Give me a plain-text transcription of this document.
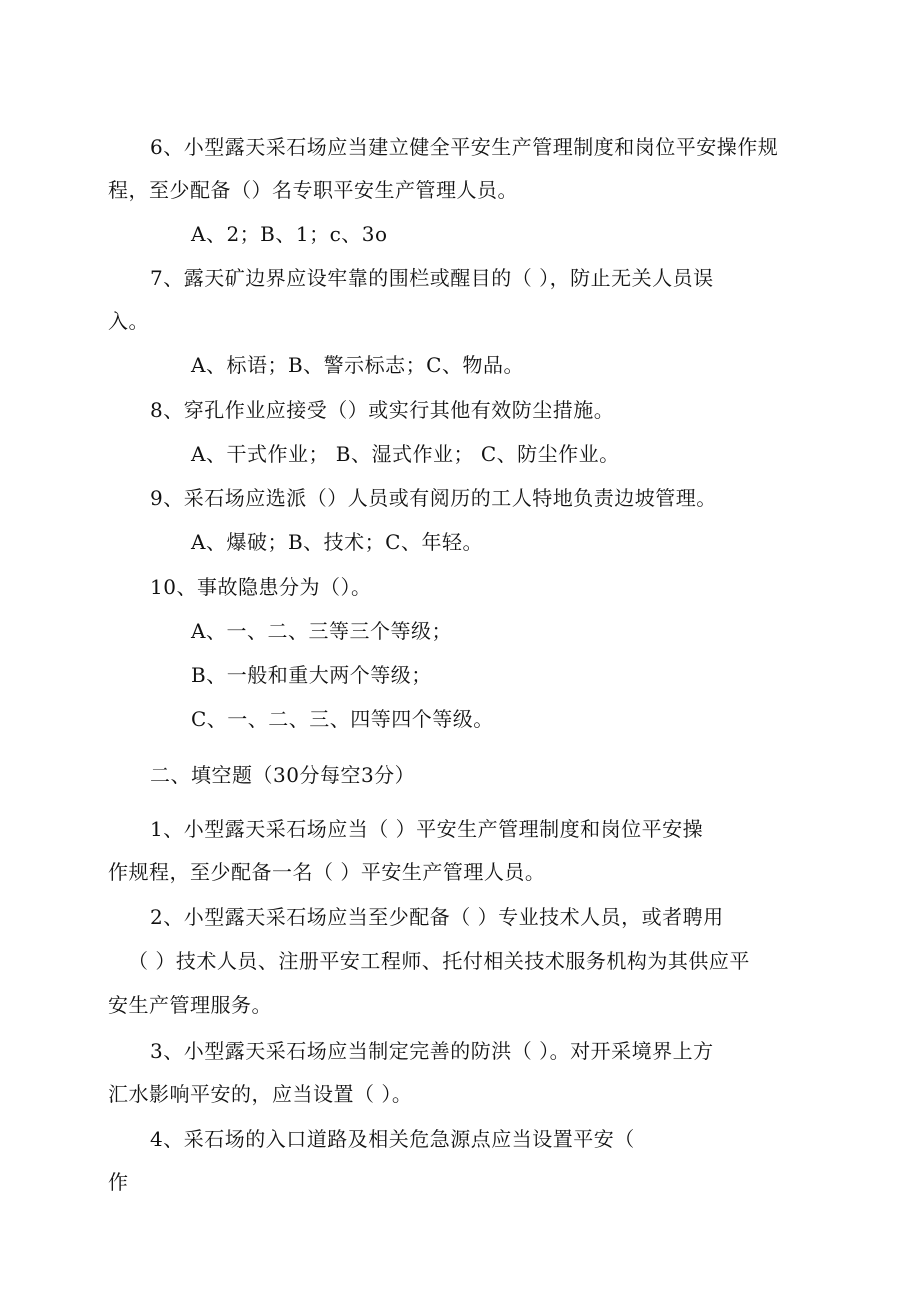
6、小型露天采石场应当建立健全平安生产管理制度和岗位平安操作规
程，至少配备（）名专职平安生产管理人员。
A、2；B、1；c、3o
7、露天矿边界应设牢靠的围栏或醒目的（ ），防止无关人员误
入。
A、标语；B、警示标志；C、物品。
8、穿孔作业应接受（）或实行其他有效防尘措施。
A、干式作业； B、湿式作业； C、防尘作业。
9、采石场应选派（）人员或有阅历的工人特地负责边坡管理。
A、爆破；B、技术；C、年轻。
10、事故隐患分为（）。
A、一、二、三等三个等级；
B、一般和重大两个等级；
C、一、二、三、四等四个等级。
二、填空题（30分每空3分）
1、小型露天采石场应当（ ）平安生产管理制度和岗位平安操
作规程，至少配备一名（ ）平安生产管理人员。
2、小型露天采石场应当至少配备（ ）专业技术人员，或者聘用
（ ）技术人员、注册平安工程师、托付相关技术服务机构为其供应平
安生产管理服务。
3、小型露天采石场应当制定完善的防洪（ ）。对开采境界上方
汇水影响平安的，应当设置（ ）。
4、采石场的入口道路及相关危急源点应当设置平安（
作
